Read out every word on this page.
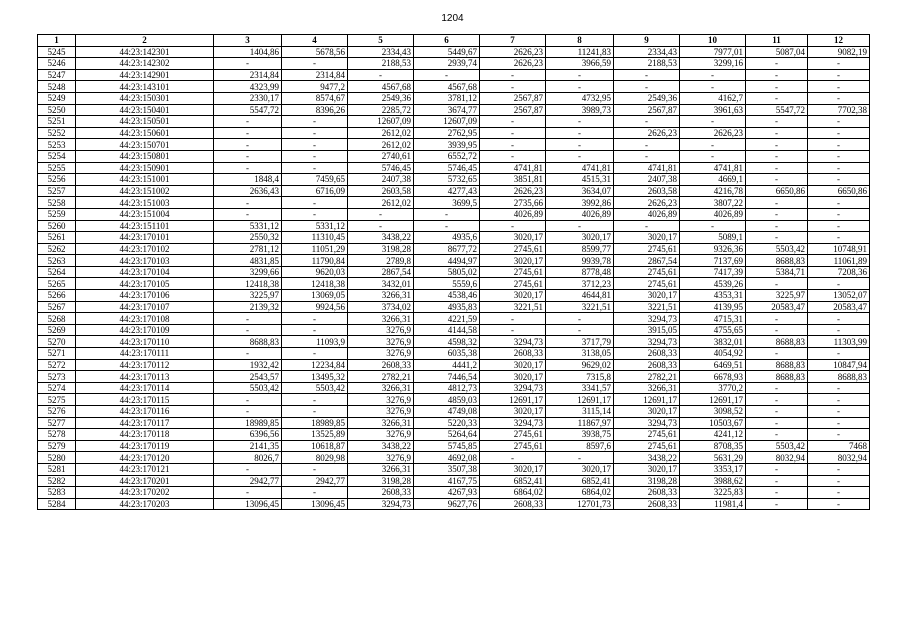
1204
1	2	3	4	5	6	7	8	9	10	11	12
5245	44:23:142301	1404,86	5678,56	2334,43	5449,67	2626,23	11241,83	2334,43	7977,01	5087,04	9082,19
5246	44:23:142302	-	-	2188,53	2939,74	2626,23	3966,59	2188,53	3299,16	-	-
5247	44:23:142901	2314,84	2314,84	-	-	-	-	-	-	-	-
5248	44:23:143101	4323,99	9477,2	4567,68	4567,68	-	-	-	-	-	-
5249	44:23:150301	2330,17	8574,67	2549,36	3781,12	2567,87	4732,95	2549,36	4162,7	-	-
5250	44:23:150401	5547,72	8396,26	2285,72	3674,77	2567,87	3989,73	2567,87	3961,63	5547,72	7702,38
5251	44:23:150501	-	-	12607,09	12607,09	-	-	-	-	-	-
5252	44:23:150601	-	-	2612,02	2762,95	-	-	2626,23	2626,23	-	-
5253	44:23:150701	-	-	2612,02	3939,95	-	-	-	-	-	-
5254	44:23:150801	-	-	2740,61	6552,72	-	-	-	-	-	-
5255	44:23:150901	-	-	5746,45	5746,45	4741,81	4741,81	4741,81	4741,81	-	-
5256	44:23:151001	1848,4	7459,65	2407,38	5732,65	3851,81	4515,31	2407,38	4669,1	-	-
5257	44:23:151002	2636,43	6716,09	2603,58	4277,43	2626,23	3634,07	2603,58	4216,78	6650,86	6650,86
5258	44:23:151003	-	-	2612,02	3699,5	2735,66	3992,86	2626,23	3807,22	-	-
5259	44:23:151004	-	-	-	-	4026,89	4026,89	4026,89	4026,89	-	-
5260	44:23:151101	5331,12	5331,12	-	-	-	-	-	-	-	-
5261	44:23:170101	2550,32	11310,45	3438,22	4935,6	3020,17	3020,17	3020,17	5089,1	-	-
5262	44:23:170102	2781,12	11051,29	3198,28	8677,72	2745,61	8599,77	2745,61	9326,36	5503,42	10748,91
5263	44:23:170103	4831,85	11790,84	2789,8	4494,97	3020,17	9939,78	2867,54	7137,69	8688,83	11061,89
5264	44:23:170104	3299,66	9620,03	2867,54	5805,02	2745,61	8778,48	2745,61	7417,39	5384,71	7208,36
5265	44:23:170105	12418,38	12418,38	3432,01	5559,6	2745,61	3712,23	2745,61	4539,26	-	-
5266	44:23:170106	3225,97	13069,05	3266,31	4538,46	3020,17	4644,81	3020,17	4353,31	3225,97	13052,07
5267	44:23:170107	2139,32	9924,56	3734,02	4935,83	3221,51	3221,51	3221,51	4139,95	20583,47	20583,47
5268	44:23:170108	-	-	3266,31	4221,59	-	-	3294,73	4715,31	-	-
5269	44:23:170109	-	-	3276,9	4144,58	-	-	3915,05	4755,65	-	-
5270	44:23:170110	8688,83	11093,9	3276,9	4598,32	3294,73	3717,79	3294,73	3832,01	8688,83	11303,99
5271	44:23:170111	-	-	3276,9	6035,38	2608,33	3138,05	2608,33	4054,92	-	-
5272	44:23:170112	1932,42	12234,84	2608,33	4441,2	3020,17	9629,02	2608,33	6469,51	8688,83	10847,94
5273	44:23:170113	2543,57	13495,32	2782,21	7446,54	3020,17	7315,8	2782,21	6678,93	8688,83	8688,83
5274	44:23:170114	5503,42	5503,42	3266,31	4812,73	3294,73	3341,57	3266,31	3770,2	-	-
5275	44:23:170115	-	-	3276,9	4859,03	12691,17	12691,17	12691,17	12691,17	-	-
5276	44:23:170116	-	-	3276,9	4749,08	3020,17	3115,14	3020,17	3098,52	-	-
5277	44:23:170117	18989,85	18989,85	3266,31	5220,33	3294,73	11867,97	3294,73	10503,67	-	-
5278	44:23:170118	6396,56	13525,89	3276,9	5264,64	2745,61	3938,75	2745,61	4241,12	-	-
5279	44:23:170119	2141,35	10618,87	3438,22	5745,85	2745,61	8597,6	2745,61	8708,35	5503,42	7468
5280	44:23:170120	8026,7	8029,98	3276,9	4692,08	-	-	3438,22	5631,29	8032,94	8032,94
5281	44:23:170121	-	-	3266,31	3507,38	3020,17	3020,17	3020,17	3353,17	-	-
5282	44:23:170201	2942,77	2942,77	3198,28	4167,75	6852,41	6852,41	3198,28	3988,62	-	-
5283	44:23:170202	-	-	2608,33	4267,93	6864,02	6864,02	2608,33	3225,83	-	-
5284	44:23:170203	13096,45	13096,45	3294,73	9627,76	2608,33	12701,73	2608,33	11981,4	-	-
